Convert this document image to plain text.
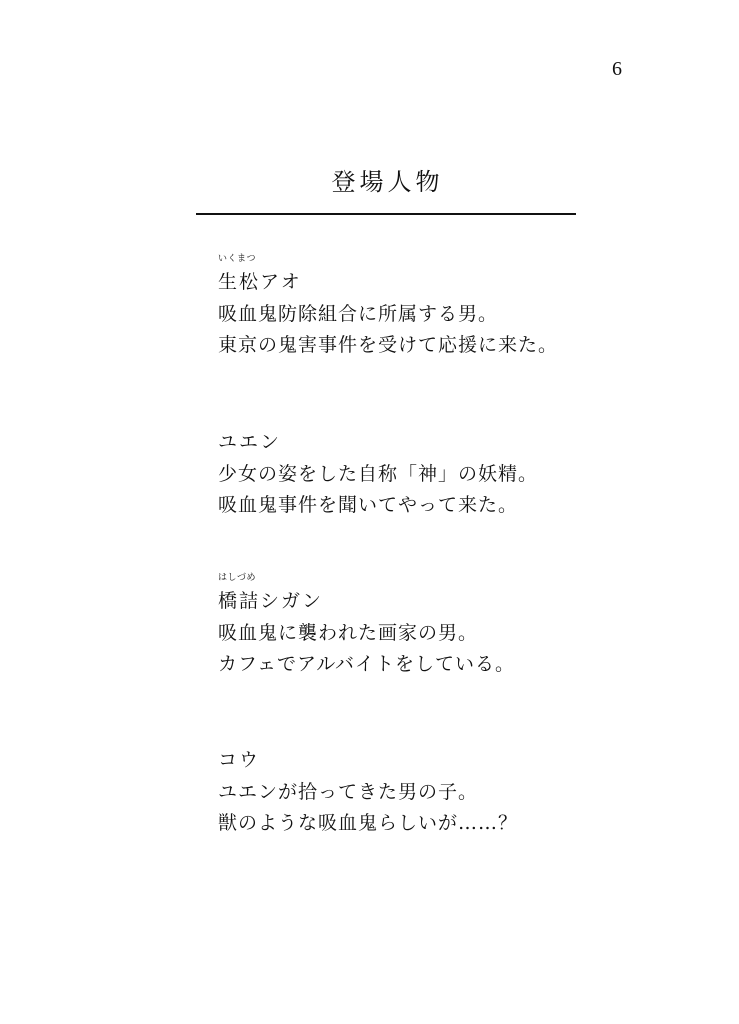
6
登場人物
いくまつ
生松アオ
吸血鬼防除組合に所属する男。
東京の鬼害事件を受けて応援に来た。
ユエン
少女の姿をした自称「神」の妖精。
吸血鬼事件を聞いてやって来た。
はしづめ
橋詰シガン
吸血鬼に襲われた画家の男。
カフェでアルバイトをしている。
コウ
ユエンが拾ってきた男の子。
獣のような吸血鬼らしいが……？
